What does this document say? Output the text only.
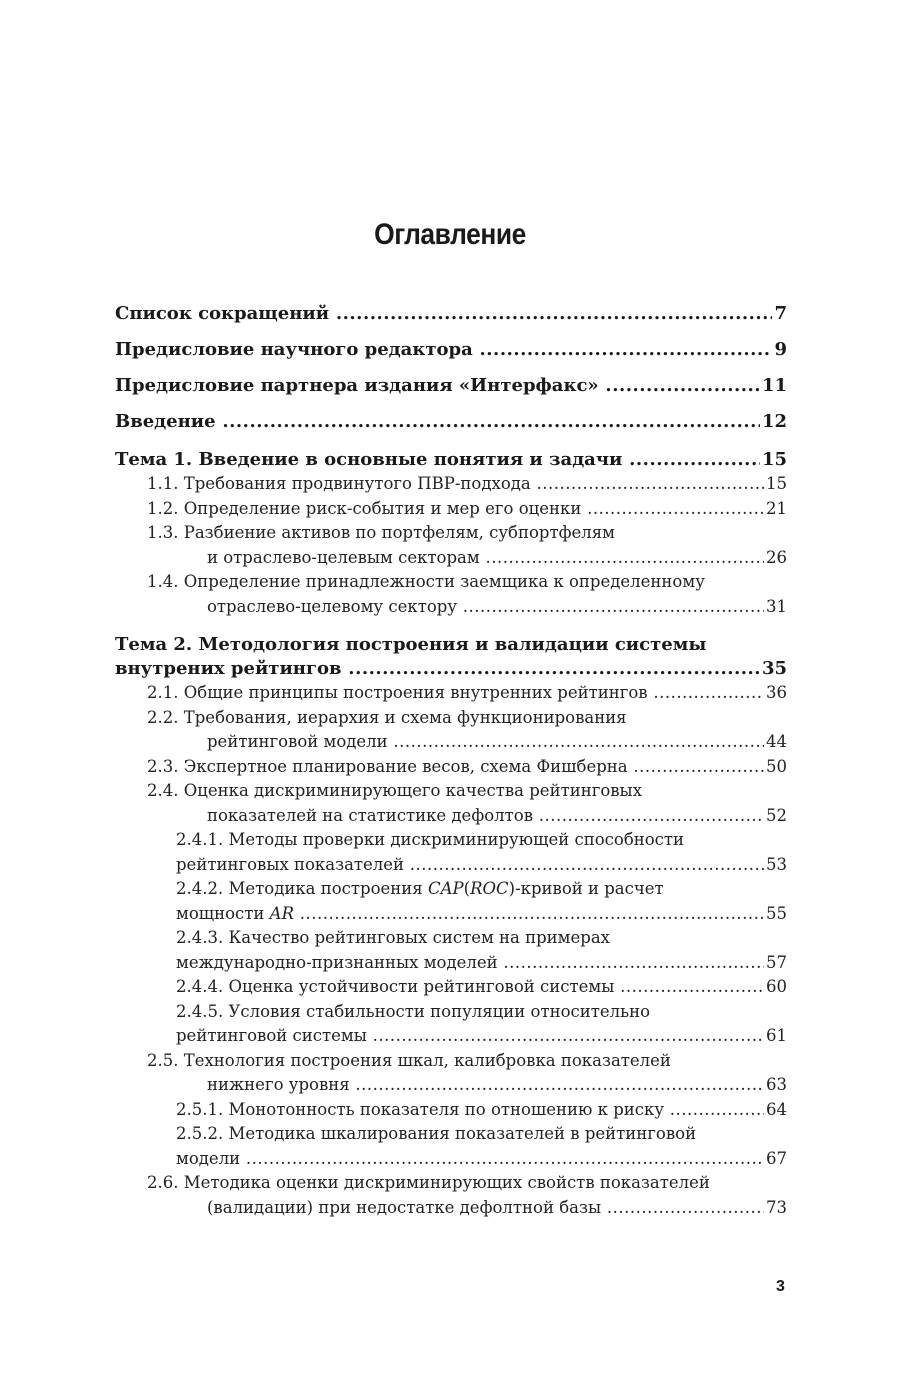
Оглавление
Список сокращений .....	7
Предисловие научного редактора .....	9
Предисловие партнера издания «Интерфакс» .....	11
Введение .....	12
Тема 1. Введение в основные понятия и задачи .....	15
1.1. Требования продвинутого ПВР-подхода .....	15
1.2. Определение риск-события и мер его оценки .....	21
1.3. Разбиение активов по портфелям, субпортфелям
и отраслево-целевым секторам .....	26
1.4. Определение принадлежности заемщика к определенному
отраслево-целевому сектору .....	31
Тема 2. Методология построения и валидации системы
внутрених рейтингов .....	35
2.1. Общие принципы построения внутренних рейтингов .....	36
2.2. Требования, иерархия и схема функционирования
рейтинговой модели .....	44
2.3. Экспертное планирование весов, схема Фишберна .....	50
2.4. Оценка дискриминирующего качества рейтинговых
показателей на статистике дефолтов .....	52
2.4.1. Методы проверки дискриминирующей способности
рейтинговых показателей .....	53
2.4.2. Методика построения CAP(ROC)-кривой и расчет
мощности AR .....	55
2.4.3. Качество рейтинговых систем на примерах
международно-признанных моделей .....	57
2.4.4. Оценка устойчивости рейтинговой системы .....	60
2.4.5. Условия стабильности популяции относительно
рейтинговой системы .....	61
2.5. Технология построения шкал, калибровка показателей
нижнего уровня .....	63
2.5.1. Монотонность показателя по отношению к риску .....	64
2.5.2. Методика шкалирования показателей в рейтинговой
модели .....	67
2.6. Методика оценки дискриминирующих свойств показателей
(валидации) при недостатке дефолтной базы .....	73
3
